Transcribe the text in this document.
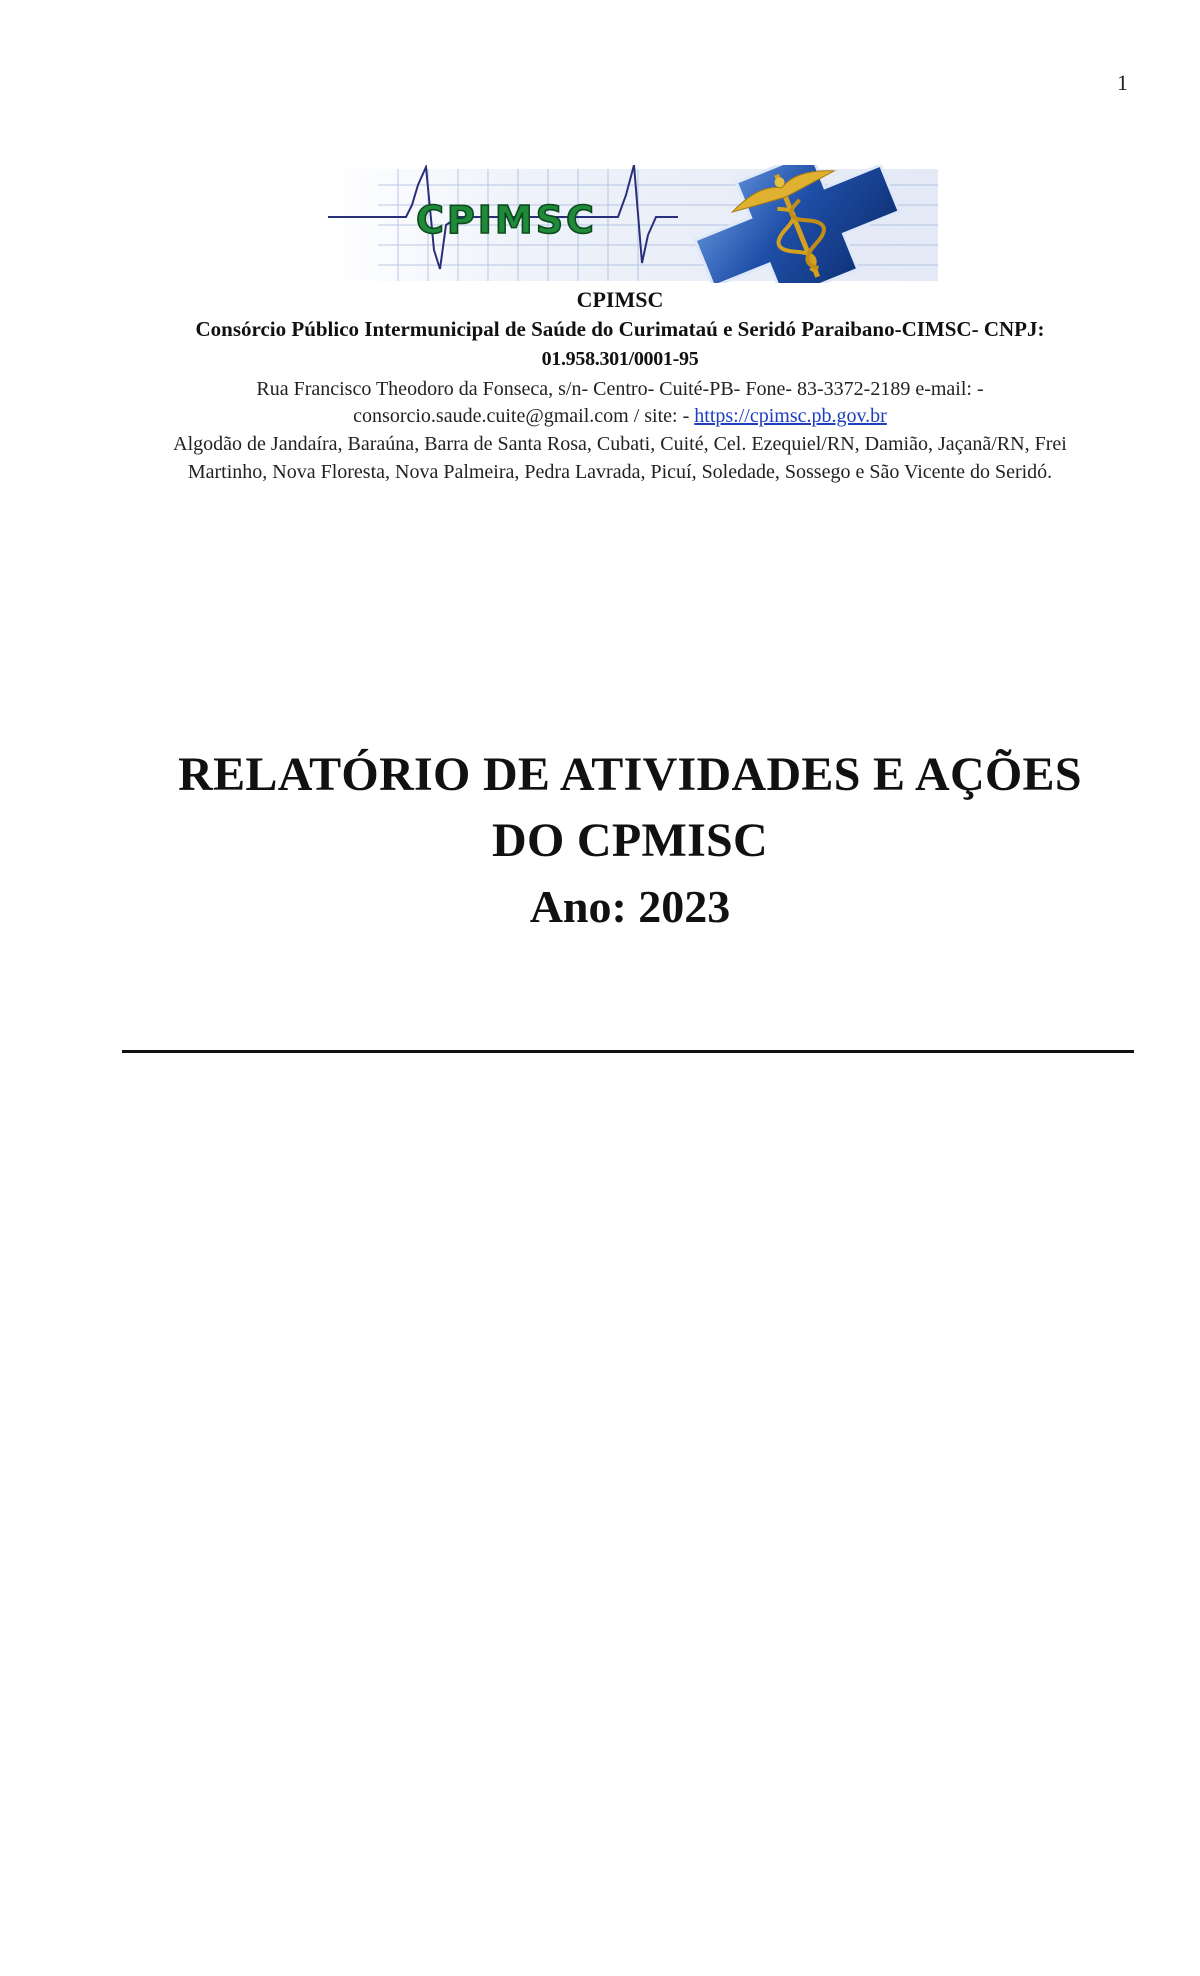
1
CPIMSC
CPIMSC
Consórcio Público Intermunicipal de Saúde do Curimataú e Seridó Paraibano-CIMSC- CNPJ:
01.958.301/0001-95
Rua Francisco Theodoro da Fonseca, s/n- Centro- Cuité-PB- Fone- 83-3372-2189 e-mail: -
consorcio.saude.cuite@gmail.com / site: - https://cpimsc.pb.gov.br
Algodão de Jandaíra, Baraúna, Barra de Santa Rosa, Cubati, Cuité, Cel. Ezequiel/RN, Damião, Jaçanã/RN, Frei
Martinho, Nova Floresta, Nova Palmeira, Pedra Lavrada, Picuí, Soledade, Sossego e São Vicente do Seridó.
RELATÓRIO DE ATIVIDADES E AÇÕES
DO CPMISC
Ano: 2023
